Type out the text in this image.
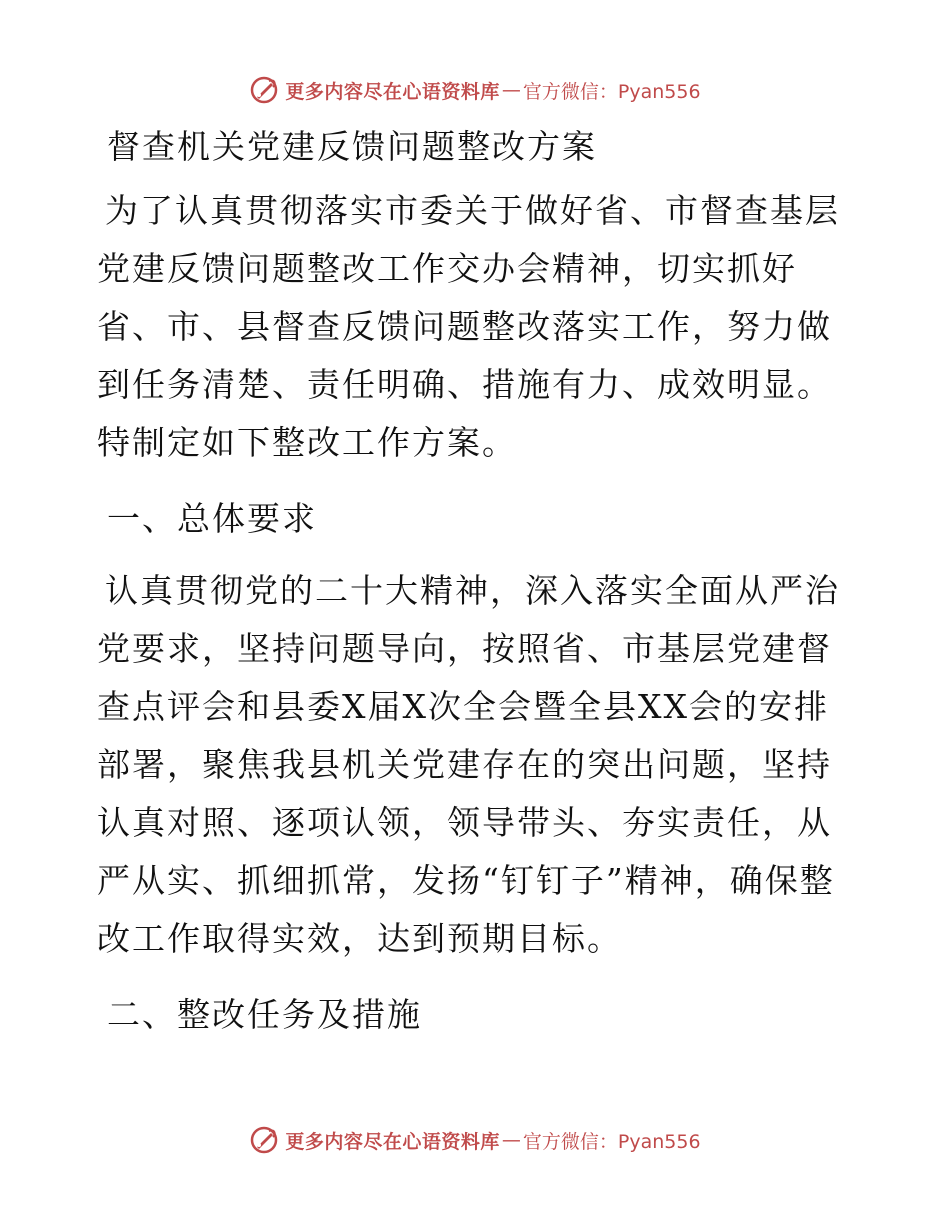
更多内容尽在心语资料库 — 官方微信：Pyan556
督查机关党建反馈问题整改方案

为了认真贯彻落实市委关于做好省、市督查基层党建反馈问题整改工作交办会精神，切实抓好省、市、县督查反馈问题整改落实工作，努力做到任务清楚、责任明确、措施有力、成效明显。特制定如下整改工作方案。

一、总体要求

认真贯彻党的二十大精神，深入落实全面从严治党要求，坚持问题导向，按照省、市基层党建督查点评会和县委X届X次全会暨全县XX会的安排部署，聚焦我县机关党建存在的突出问题，坚持认真对照、逐项认领，领导带头、夯实责任，从严从实、抓细抓常，发扬“钉钉子”精神，确保整改工作取得实效，达到预期目标。

二、整改任务及措施
更多内容尽在心语资料库 — 官方微信：Pyan556
